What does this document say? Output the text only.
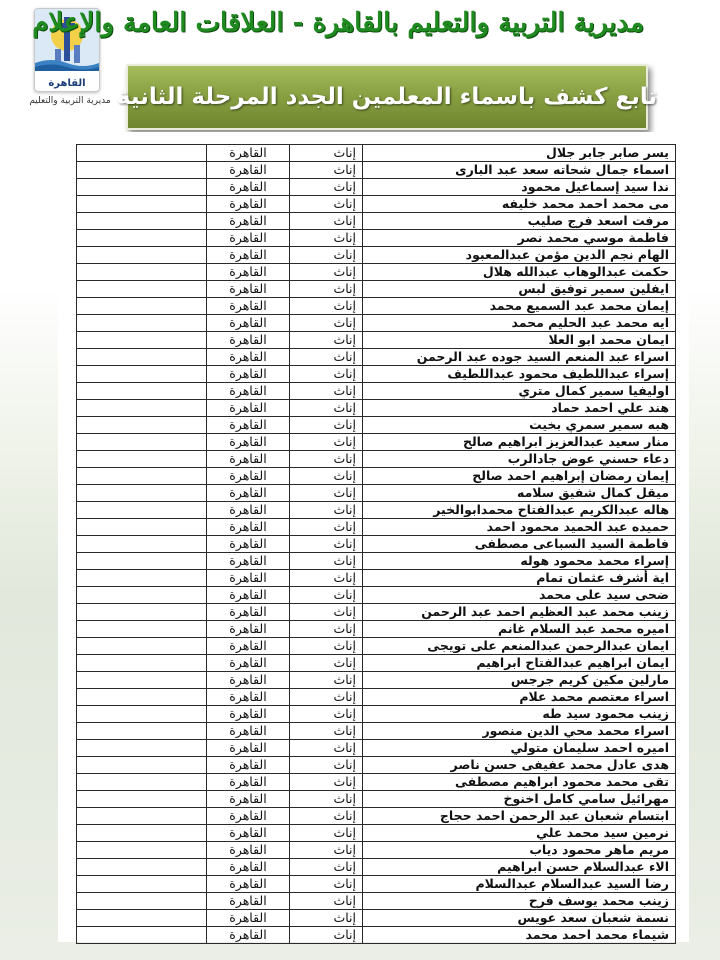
القاهرة
مديرية التربية والتعليم
مديرية التربية والتعليم بالقاهرة - العلاقات العامة والإعلام
تابع كشف باسماء المعلمين الجدد المرحلة الثانية
يسر صابر جابر جلال	إناث	القاهرة	
اسماء جمال شحاته سعد عبد البارى	إناث	القاهرة	
ندا سيد إسماعيل محمود	إناث	القاهرة	
مى محمد احمد محمد خليفه	إناث	القاهرة	
مرفت اسعد فرج صليب	إناث	القاهرة	
فاطمة موسي محمد نصر	إناث	القاهرة	
الهام نجم الدين مؤمن عبدالمعبود	إناث	القاهرة	
حكمت عبدالوهاب عبدالله هلال	إناث	القاهرة	
ايفلين سمير توفيق لبس	إناث	القاهرة	
إيمان محمد عبد السميع محمد	إناث	القاهرة	
ايه محمد عبد الحليم محمد	إناث	القاهرة	
ايمان محمد ابو العلا	إناث	القاهرة	
اسراء عبد المنعم السيد جوده عبد الرحمن	إناث	القاهرة	
إسراء عبداللطيف محمود عبداللطيف	إناث	القاهرة	
اوليفيا سمير كمال متري	إناث	القاهرة	
هند علي احمد حماد	إناث	القاهرة	
هبه سمير سمري بخيت	إناث	القاهرة	
منار سعيد عبدالعزيز ابراهيم صالح	إناث	القاهرة	
دعاء حسني عوض جادالرب	إناث	القاهرة	
إيمان رمضان إبراهيم احمد صالح	إناث	القاهرة	
ميقل كمال شفيق سلامه	إناث	القاهرة	
هاله عبدالكريم عبدالفتاح محمدابوالخير	إناث	القاهرة	
حميده عبد الحميد محمود احمد	إناث	القاهرة	
فاطمة السيد السباعى مصطفى	إناث	القاهرة	
إسراء محمد محمود هوله	إناث	القاهرة	
اية أشرف عثمان تمام	إناث	القاهرة	
ضحى سيد على محمد	إناث	القاهرة	
زينب محمد عبد العظيم احمد عبد الرحمن	إناث	القاهرة	
اميره محمد عبد السلام غانم	إناث	القاهرة	
ايمان عبدالرحمن عبدالمنعم على تويجى	إناث	القاهرة	
ايمان ابراهيم عبدالفتاح ابراهيم	إناث	القاهرة	
مارلين مكين كريم جرجس	إناث	القاهرة	
اسراء معتصم محمد علام	إناث	القاهرة	
زينب محمود سيد طه	إناث	القاهرة	
اسراء محمد محي الدين منصور	إناث	القاهرة	
اميره احمد سليمان متولي	إناث	القاهرة	
هدى عادل محمد عفيفى حسن ناصر	إناث	القاهرة	
تقى محمد محمود ابراهيم مصطفى	إناث	القاهرة	
مهرائيل سامي كامل اخنوخ	إناث	القاهرة	
ابتسام شعبان عبد الرحمن احمد حجاج	إناث	القاهرة	
نرمين سيد محمد علي	إناث	القاهرة	
مريم ماهر محمود دياب	إناث	القاهرة	
الاء عبدالسلام حسن ابراهيم	إناث	القاهرة	
رضا السيد عبدالسلام عبدالسلام	إناث	القاهرة	
زينب محمد يوسف فرح	إناث	القاهرة	
نسمة شعبان سعد عويس	إناث	القاهرة	
شيماء محمد احمد محمد	إناث	القاهرة	
